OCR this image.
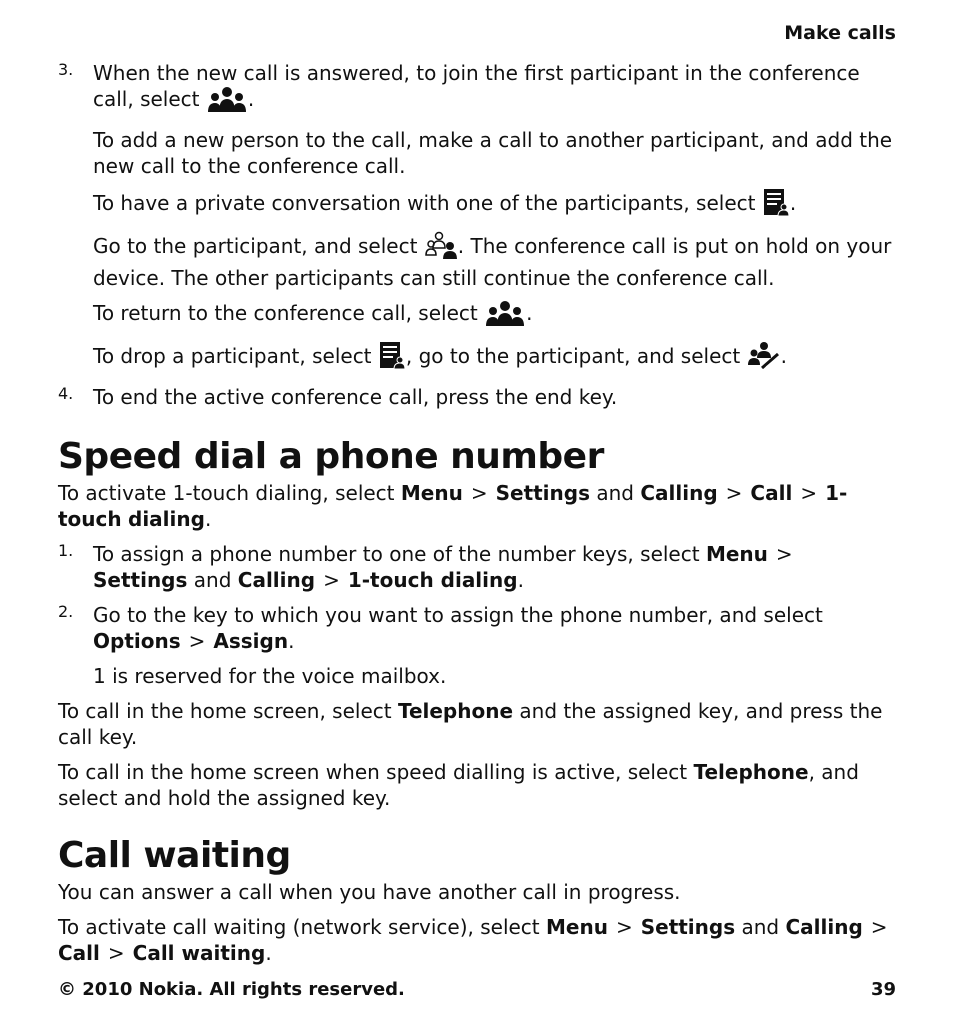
Make calls
3. When the new call is answered, to join the first participant in the conference call, select .

To add a new person to the call, make a call to another participant, and add the new call to the conference call.

To have a private conversation with one of the participants, select .

Go to the participant, and select . The conference call is put on hold on your device. The other participants can still continue the conference call.

To return to the conference call, select .

To drop a participant, select , go to the participant, and select .

4. To end the active conference call, press the end key.

Speed dial a phone number

To activate 1-touch dialing, select Menu > Settings and Calling > Call > 1-touch dialing.

1. To assign a phone number to one of the number keys, select Menu >
Settings and Calling > 1-touch dialing.

2. Go to the key to which you want to assign the phone number, and select
Options > Assign.

1 is reserved for the voice mailbox.

To call in the home screen, select Telephone and the assigned key, and press the call key.

To call in the home screen when speed dialling is active, select Telephone, and select and hold the assigned key.

Call waiting

You can answer a call when you have another call in progress.

To activate call waiting (network service), select Menu > Settings and Calling >
Call > Call waiting.

© 2010 Nokia. All rights reserved.	39
